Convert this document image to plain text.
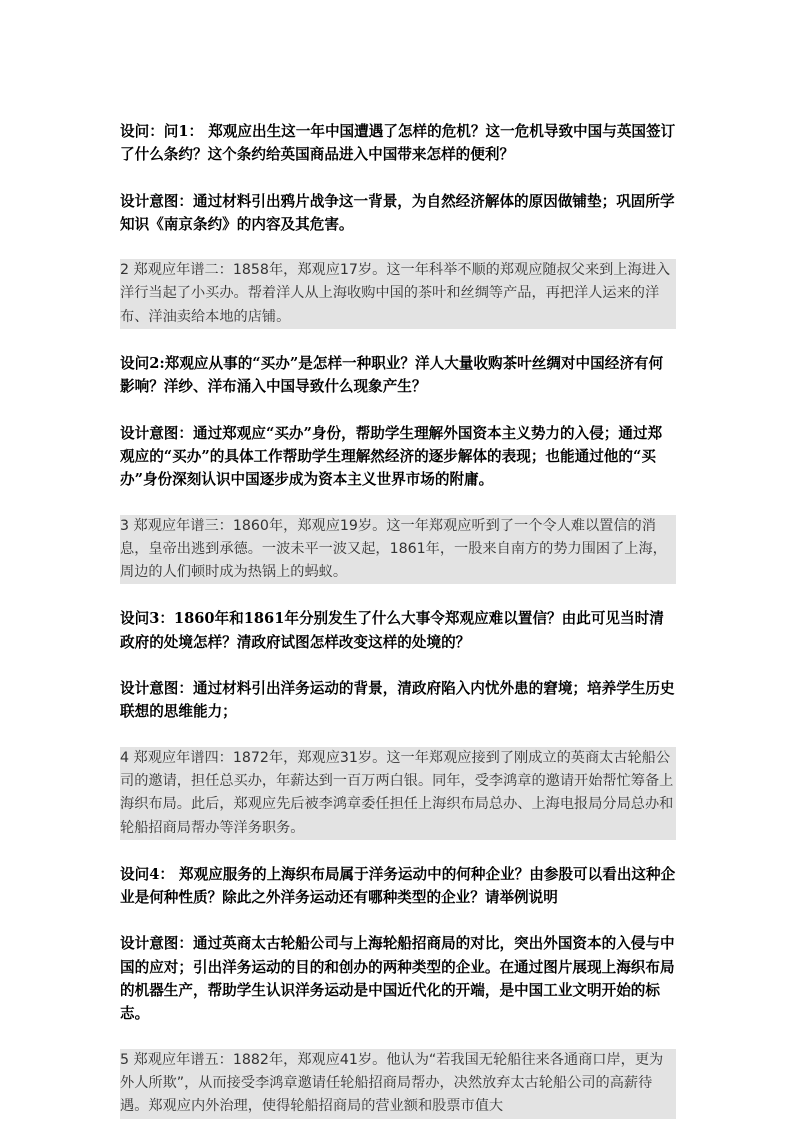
设问：问1： 郑观应出生这一年中国遭遇了怎样的危机？这一危机导致中国与英国签订了什么条约？这个条约给英国商品进入中国带来怎样的便利？

设计意图：通过材料引出鸦片战争这一背景，为自然经济解体的原因做铺垫；巩固所学知识《南京条约》的内容及其危害。

2 郑观应年谱二：1858年，郑观应17岁。这一年科举不顺的郑观应随叔父来到上海进入洋行当起了小买办。帮着洋人从上海收购中国的茶叶和丝绸等产品，再把洋人运来的洋布、洋油卖给本地的店铺。

设问2:郑观应从事的“买办”是怎样一种职业？洋人大量收购茶叶丝绸对中国经济有何影响？洋纱、洋布涌入中国导致什么现象产生？

设计意图：通过郑观应“买办”身份，帮助学生理解外国资本主义势力的入侵；通过郑观应的“买办”的具体工作帮助学生理解然经济的逐步解体的表现；也能通过他的“买办”身份深刻认识中国逐步成为资本主义世界市场的附庸。

3 郑观应年谱三：1860年，郑观应19岁。这一年郑观应听到了一个令人难以置信的消息，皇帝出逃到承德。一波未平一波又起，1861年，一股来自南方的势力围困了上海，周边的人们顿时成为热锅上的蚂蚁。

设问3：1860年和1861年分别发生了什么大事令郑观应难以置信？由此可见当时清政府的处境怎样？清政府试图怎样改变这样的处境的？

设计意图：通过材料引出洋务运动的背景，清政府陷入内忧外患的窘境；培养学生历史联想的思维能力；

4 郑观应年谱四：1872年，郑观应31岁。这一年郑观应接到了刚成立的英商太古轮船公司的邀请，担任总买办，年薪达到一百万两白银。同年，受李鸿章的邀请开始帮忙筹备上海织布局。此后，郑观应先后被李鸿章委任担任上海织布局总办、上海电报局分局总办和轮船招商局帮办等洋务职务。

设问4： 郑观应服务的上海织布局属于洋务运动中的何种企业？由参股可以看出这种企业是何种性质？除此之外洋务运动还有哪种类型的企业？请举例说明

设计意图：通过英商太古轮船公司与上海轮船招商局的对比，突出外国资本的入侵与中国的应对；引出洋务运动的目的和创办的两种类型的企业。在通过图片展现上海织布局的机器生产，帮助学生认识洋务运动是中国近代化的开端，是中国工业文明开始的标志。

5 郑观应年谱五：1882年，郑观应41岁。他认为“若我国无轮船往来各通商口岸，更为外人所欺”，从而接受李鸿章邀请任轮船招商局帮办，决然放弃太古轮船公司的高薪待遇。郑观应内外治理，使得轮船招商局的营业额和股票市值大
